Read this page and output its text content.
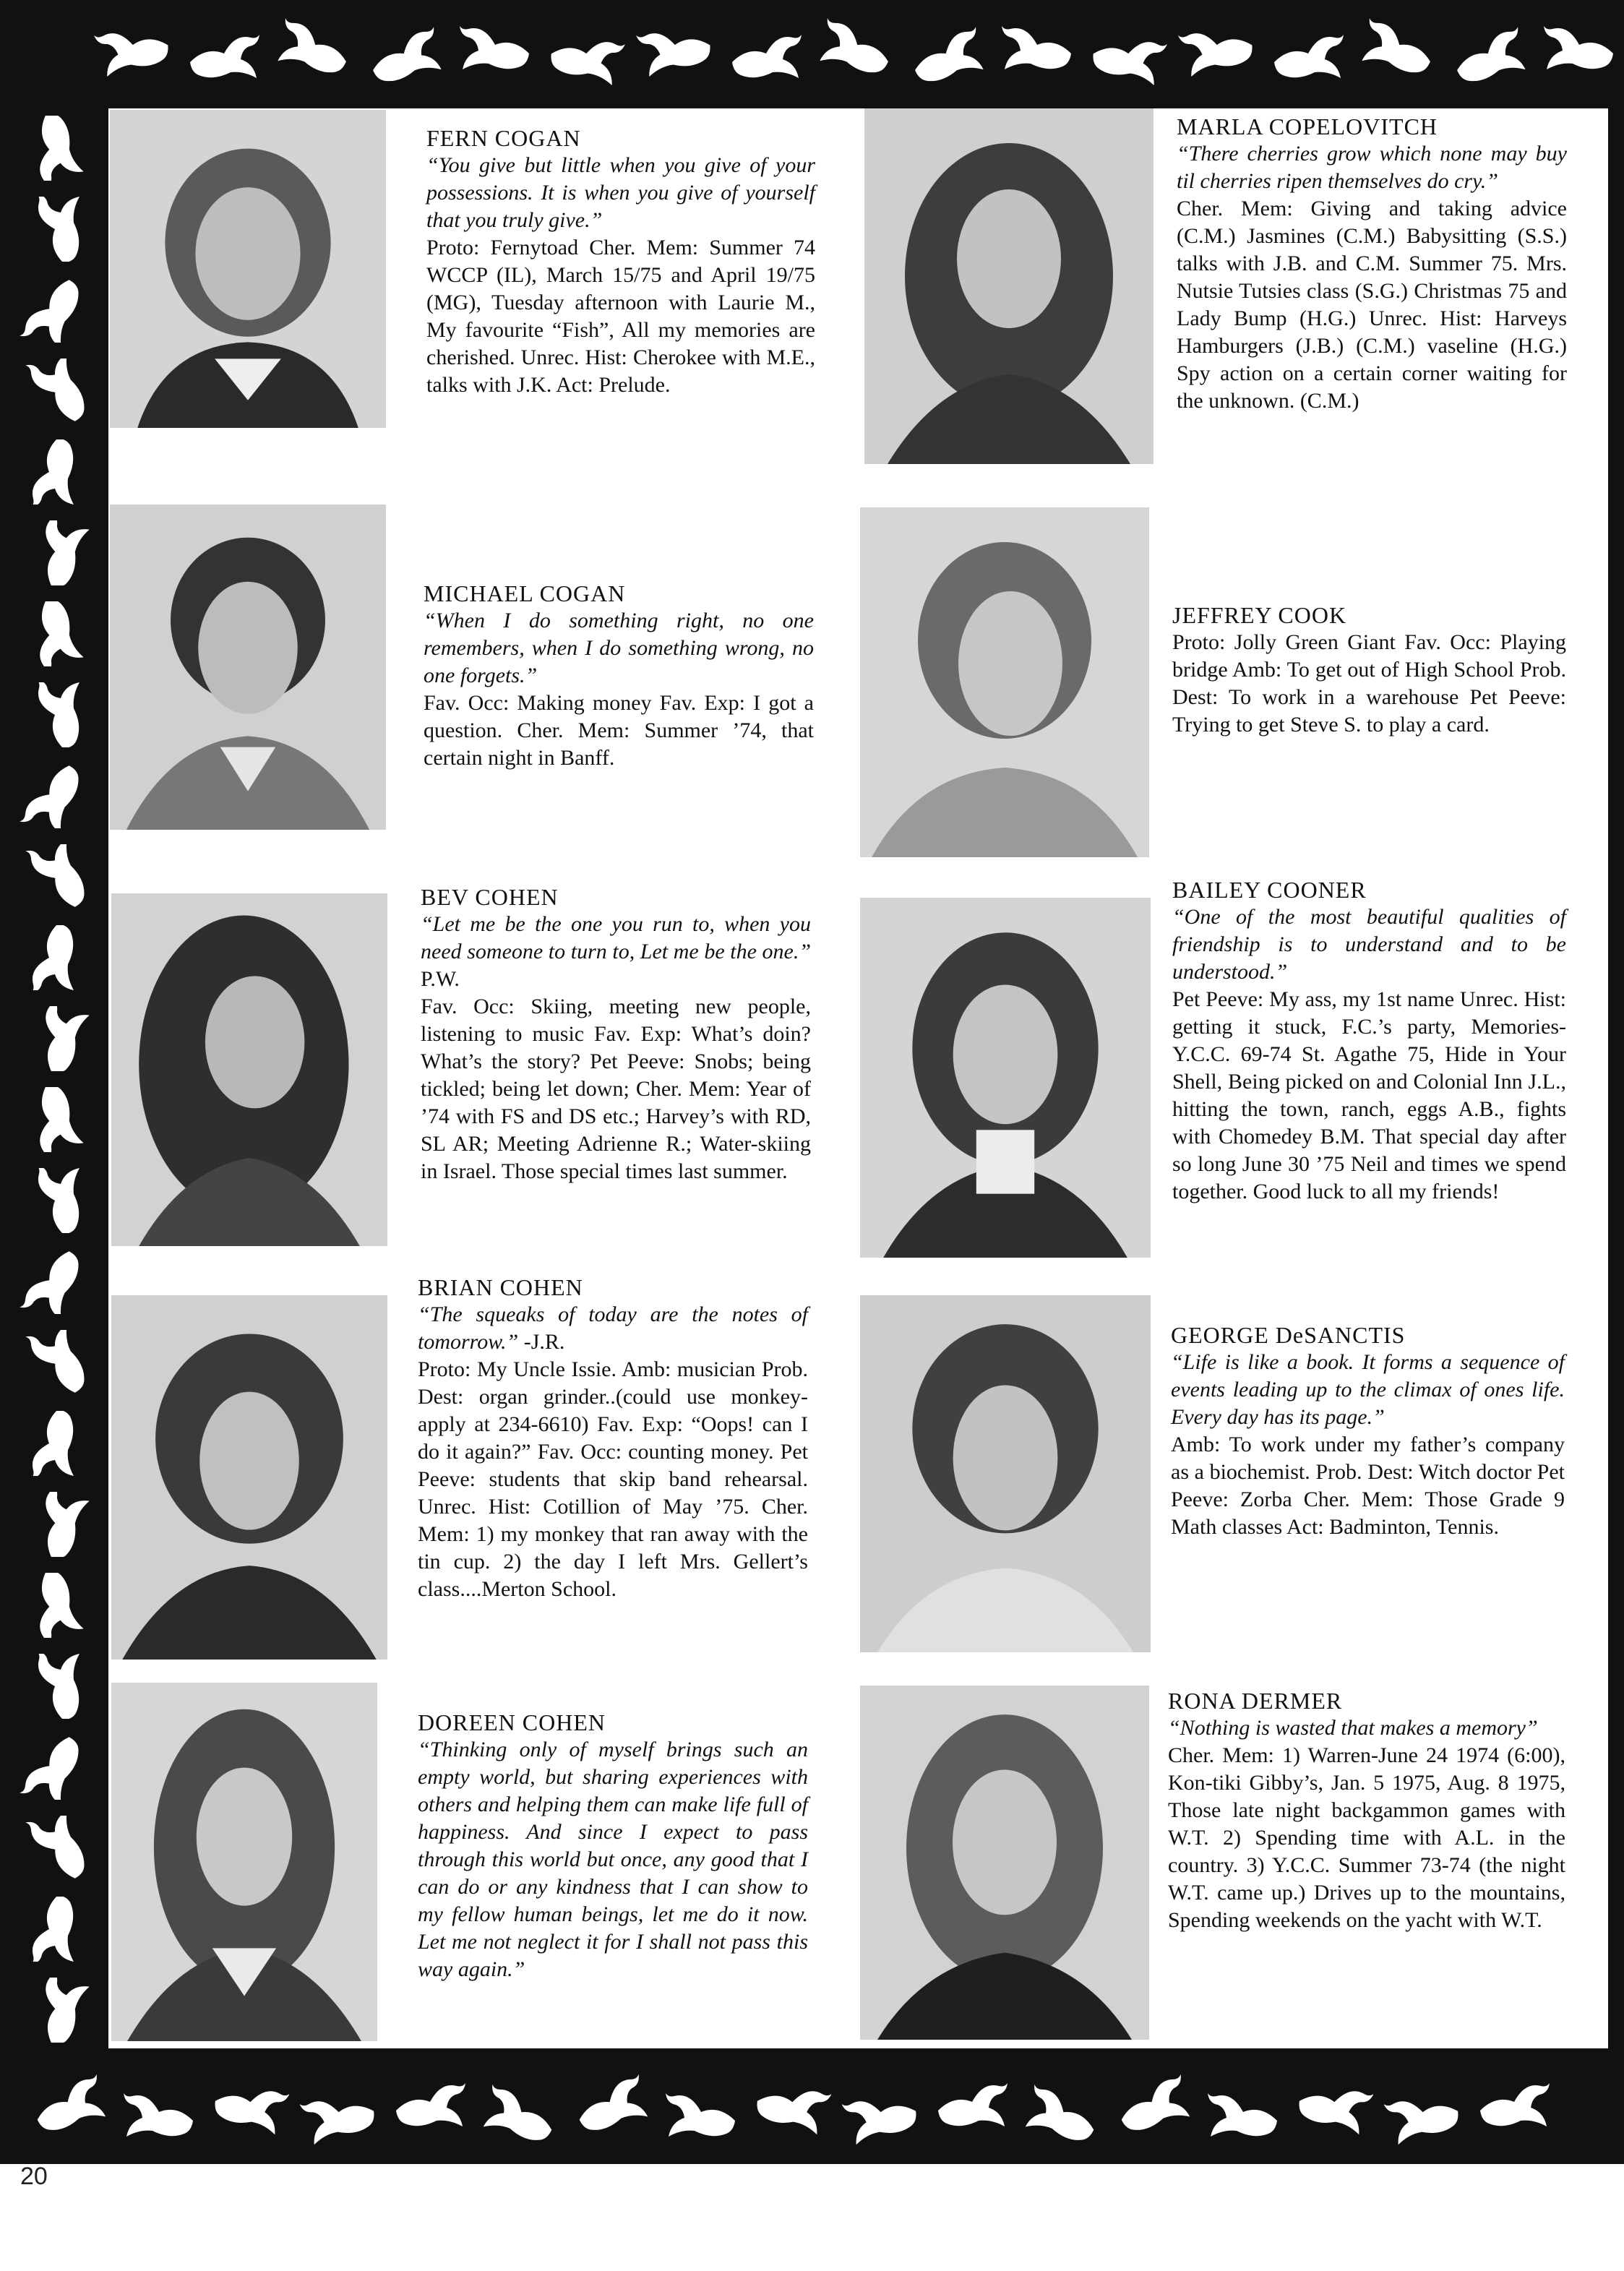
FERN COGAN

“You give but little when you give of your possessions. It is when you give of yourself that you truly give.”

Proto: Fernytoad Cher. Mem: Summer 74 WCCP (IL), March 15/75 and April 19/75 (MG), Tuesday afternoon with Laurie M., My favourite “Fish”, All my memories are cherished. Unrec. Hist: Cherokee with M.E., talks with J.K. Act: Prelude.

MARLA COPELOVITCH

“There cherries grow which none may buy til cherries ripen themselves do cry.”

Cher. Mem: Giving and taking advice (C.M.) Jasmines (C.M.) Babysitting (S.S.) talks with J.B. and C.M. Summer 75. Mrs. Nutsie Tutsies class (S.G.) Christmas 75 and Lady Bump (H.G.) Unrec. Hist: Harveys Hamburgers (J.B.) (C.M.) vaseline (H.G.) Spy action on a certain corner waiting for the unknown. (C.M.)

MICHAEL COGAN

“When I do something right, no one remembers, when I do something wrong, no one forgets.”

Fav. Occ: Making money Fav. Exp: I got a question. Cher. Mem: Summer ’74, that certain night in Banff.

JEFFREY COOK

Proto: Jolly Green Giant Fav. Occ: Playing bridge Amb: To get out of High School Prob. Dest: To work in a warehouse Pet Peeve: Trying to get Steve S. to play a card.

BEV COHEN

“Let me be the one you run to, when you need someone to turn to, Let me be the one.” P.W.

Fav. Occ: Skiing, meeting new people, listening to music Fav. Exp: What’s doin? What’s the story? Pet Peeve: Snobs; being tickled; being let down; Cher. Mem: Year of ’74 with FS and DS etc.; Harvey’s with RD, SL AR; Meeting Adrienne R.; Water-skiing in Israel. Those special times last summer.

BAILEY COONER

“One of the most beautiful qualities of friendship is to understand and to be understood.”

Pet Peeve: My ass, my 1st name Unrec. Hist: getting it stuck, F.C.’s party, Memories- Y.C.C. 69-74 St. Agathe 75, Hide in Your Shell, Being picked on and Colonial Inn J.L., hitting the town, ranch, eggs A.B., fights with Chomedey B.M. That special day after so long June 30 ’75 Neil and times we spend together. Good luck to all my friends!

BRIAN COHEN

“The squeaks of today are the notes of tomorrow.” -J.R.

Proto: My Uncle Issie. Amb: musician Prob. Dest: organ grinder..(could use monkey-apply at 234-6610) Fav. Exp: “Oops! can I do it again?” Fav. Occ: counting money. Pet Peeve: students that skip band rehearsal. Unrec. Hist: Cotillion of May ’75. Cher. Mem: 1) my monkey that ran away with the tin cup. 2) the day I left Mrs. Gellert’s class....Merton School.

GEORGE DeSANCTIS

“Life is like a book. It forms a sequence of events leading up to the climax of ones life. Every day has its page.”

Amb: To work under my father’s company as a biochemist. Prob. Dest: Witch doctor Pet Peeve: Zorba Cher. Mem: Those Grade 9 Math classes Act: Badminton, Tennis.

DOREEN COHEN

“Thinking only of myself brings such an empty world, but sharing experiences with others and helping them can make life full of happiness. And since I expect to pass through this world but once, any good that I can do or any kindness that I can show to my fellow human beings, let me do it now. Let me not neglect it for I shall not pass this way again.”

RONA DERMER

“Nothing is wasted that makes a memory”

Cher. Mem: 1) Warren-June 24 1974 (6:00), Kon-tiki Gibby’s, Jan. 5 1975, Aug. 8 1975, Those late night backgammon games with W.T. 2) Spending time with A.L. in the country. 3) Y.C.C. Summer 73-74 (the night W.T. came up.) Drives up to the mountains, Spending weekends on the yacht with W.T.

20
